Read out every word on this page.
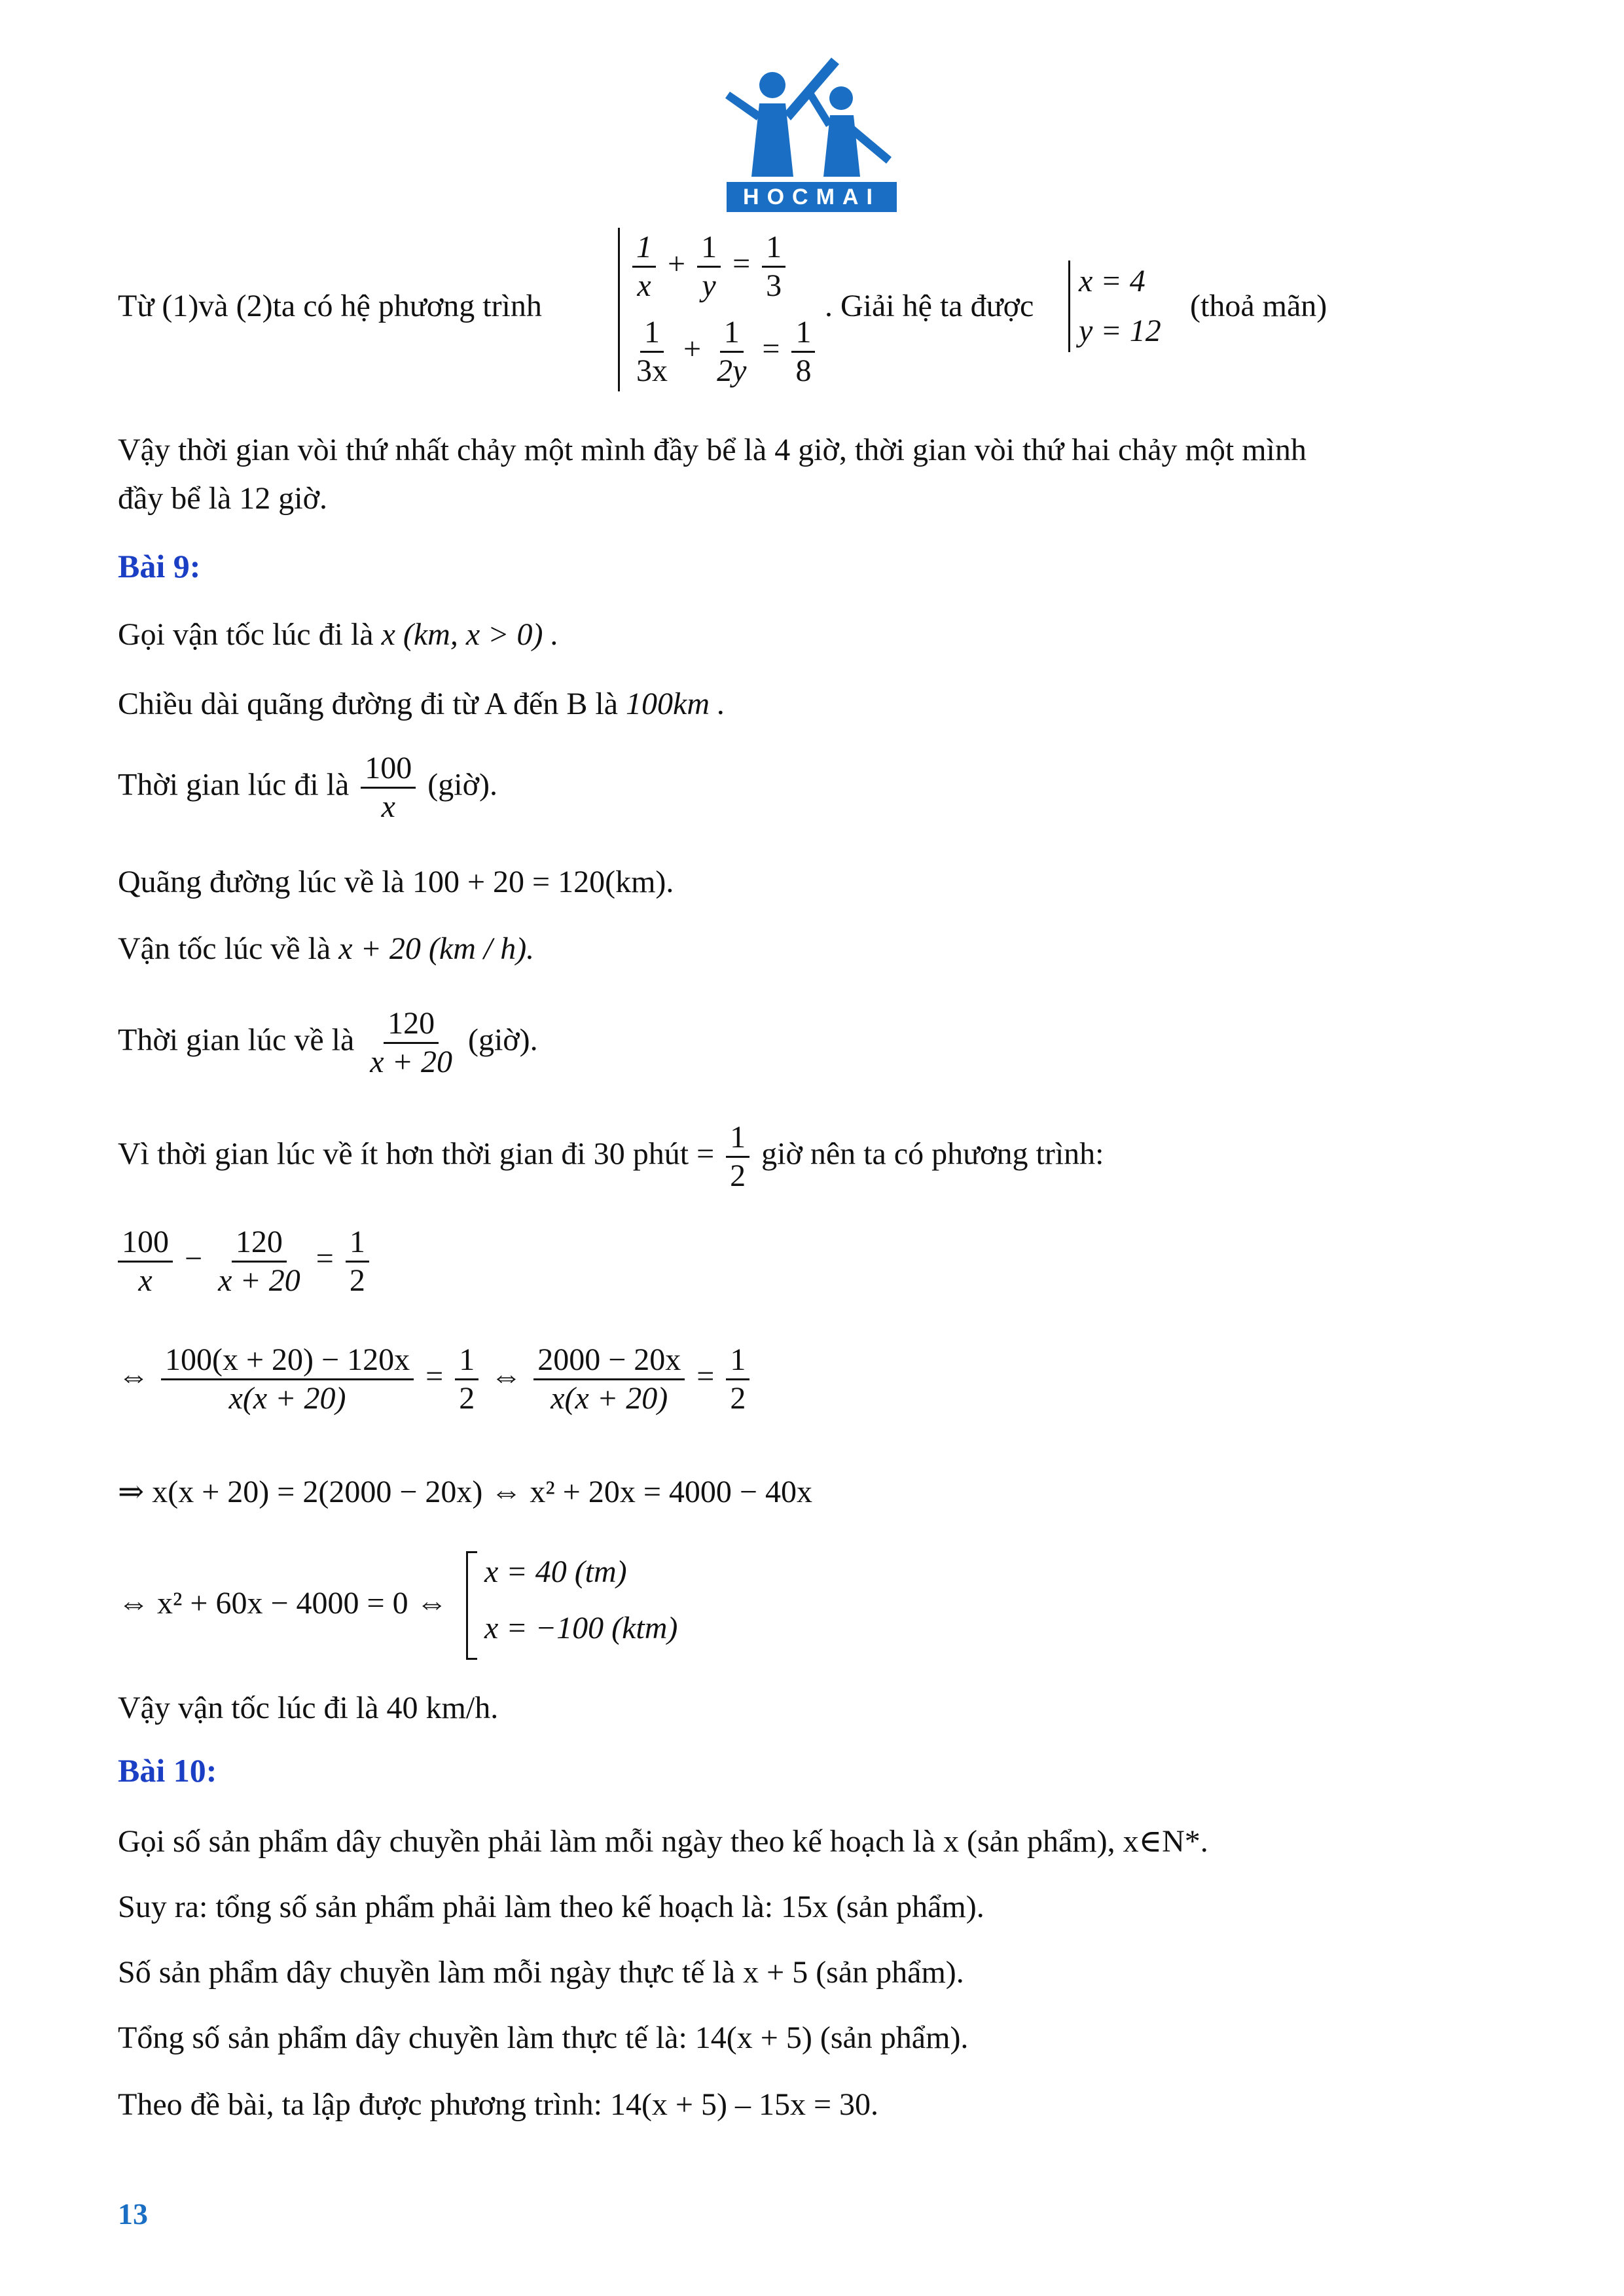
HOCMAI
Từ (1)và (2)ta có hệ phương trình
$\frac{1}{x} + \frac{1}{y} = \frac{1}{3}$
$\frac{1}{3x} + \frac{1}{2y} = \frac{1}{8}$
. Giải hệ ta được
x = 4
y = 12
(thoả mãn)
Vậy thời gian vòi thứ nhất chảy một mình đầy bể là 4 giờ, thời gian vòi thứ hai chảy một mình
đầy bể là 12 giờ.
Bài 9:
Gọi vận tốc lúc đi là x (km, x > 0) .
Chiều dài quãng đường đi từ A đến B là 100km .
Thời gian lúc đi là $\frac{100}{x}$ (giờ).
Quãng đường lúc về là 100 + 20 = 120(km).
Vận tốc lúc về là x + 20 (km / h).
Thời gian lúc về là $\frac{120}{x + 20}$ (giờ).
Vì thời gian lúc về ít hơn thời gian đi 30 phút = $\frac{1}{2}$ giờ nên ta có phương trình:
$\frac{100}{x} - \frac{120}{x + 20} = \frac{1}{2}$
⇔ $\frac{100(x + 20) - 120x}{x(x + 20)} = \frac{1}{2}$ ⇔ $\frac{2000 - 20x}{x(x + 20)} = \frac{1}{2}$
⇒ x(x + 20) = 2(2000 − 20x) ⇔ x² + 20x = 4000 − 40x
⇔ x² + 60x − 4000 = 0 ⇔
x = 40 (tm)
x = −100 (ktm)
Vậy vận tốc lúc đi là 40 km/h.
Bài 10:
Gọi số sản phẩm dây chuyền phải làm mỗi ngày theo kế hoạch là x (sản phẩm), x∈N*.
Suy ra: tổng số sản phẩm phải làm theo kế hoạch là: 15x (sản phẩm).
Số sản phẩm dây chuyền làm mỗi ngày thực tế là x + 5 (sản phẩm).
Tổng số sản phẩm dây chuyền làm thực tế là: 14(x + 5) (sản phẩm).
Theo đề bài, ta lập được phương trình: 14(x + 5) – 15x = 30.
13
